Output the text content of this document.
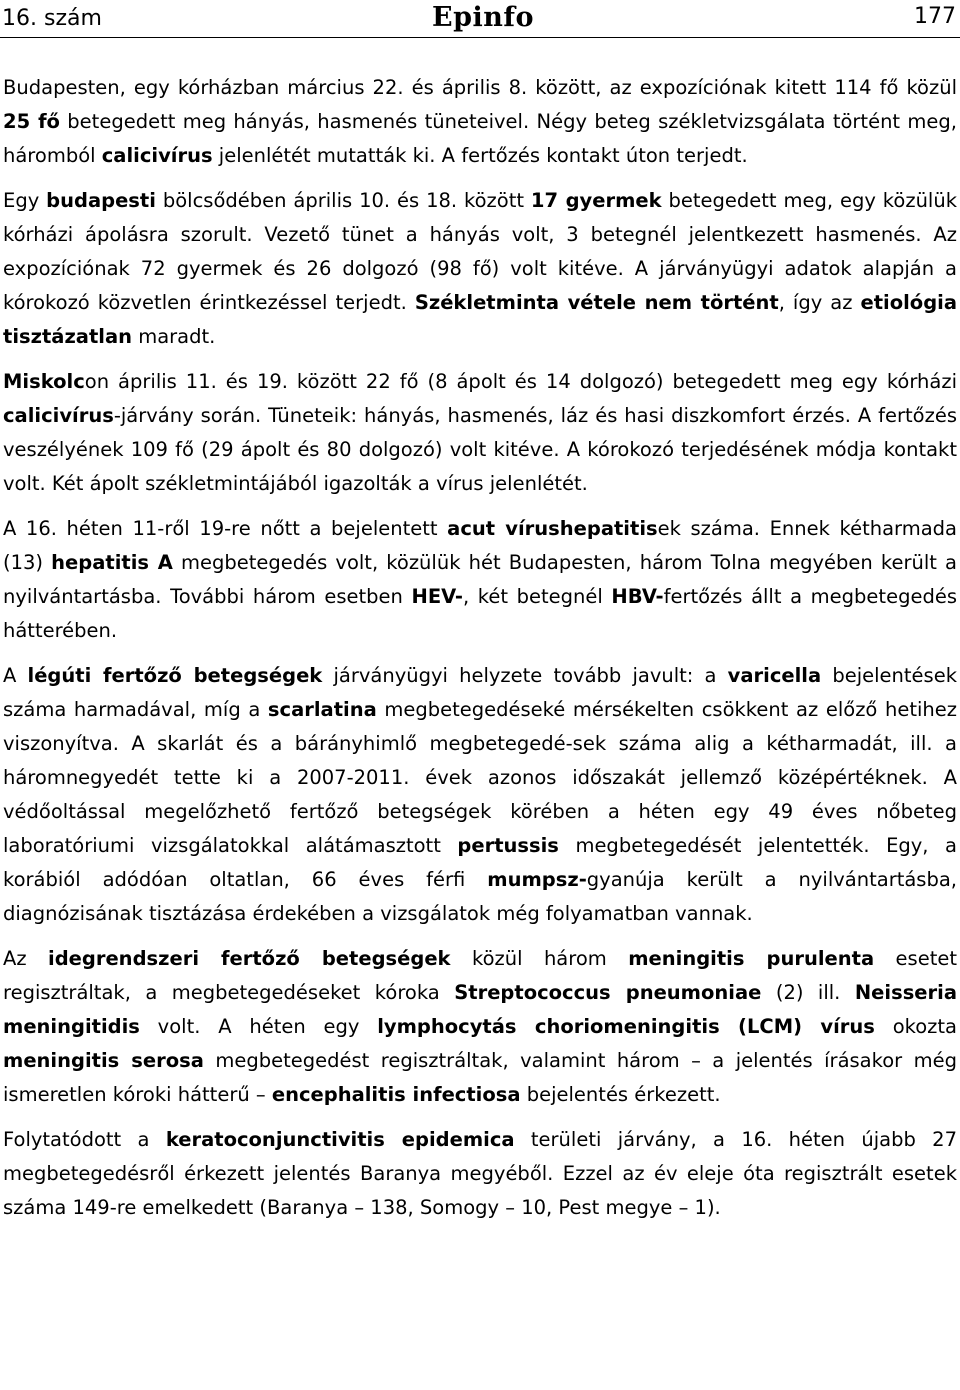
16. szám	Epinfo	177

Budapesten, egy kórházban március 22. és április 8. között, az expozíciónak kitett 114 fő közül 25 fő betegedett meg hányás, hasmenés tüneteivel. Négy beteg székletvizsgálata történt meg, háromból calicivírus jelenlétét mutatták ki. A fertőzés kontakt úton terjedt.

Egy budapesti bölcsődében április 10. és 18. között 17 gyermek betegedett meg, egy közülük kórházi ápolásra szorult. Vezető tünet a hányás volt, 3 betegnél jelentkezett hasmenés. Az expozíciónak 72 gyermek és 26 dolgozó (98 fő) volt kitéve. A járványügyi adatok alapján a kórokozó közvetlen érintkezéssel terjedt. Székletminta vétele nem történt, így az etiológia tisztázatlan maradt.

Miskolcon április 11. és 19. között 22 fő (8 ápolt és 14 dolgozó) betegedett meg egy kórházi calicivírus-járvány során. Tüneteik: hányás, hasmenés, láz és hasi diszkomfort érzés. A fertőzés veszélyének 109 fő (29 ápolt és 80 dolgozó) volt kitéve. A kórokozó terjedésének módja kontakt volt. Két ápolt székletmintájából igazolták a vírus jelenlétét.

A 16. héten 11-ről 19-re nőtt a bejelentett acut vírushepatitisek száma. Ennek kétharmada (13) hepatitis A megbetegedés volt, közülük hét Budapesten, három Tolna megyében került a nyilvántartásba. További három esetben HEV-, két betegnél HBV-fertőzés állt a megbetegedés hátterében.

A légúti fertőző betegségek járványügyi helyzete tovább javult: a varicella bejelentések száma harmadával, míg a scarlatina megbetegedéseké mérsékelten csökkent az előző hetihez viszonyítva. A skarlát és a bárányhimlő megbetegedé-sek száma alig a kétharmadát, ill. a háromnegyedét tette ki a 2007-2011. évek azonos időszakát jellemző középértéknek. A védőoltással megelőzhető fertőző betegségek körében a héten egy 49 éves nőbeteg laboratóriumi vizsgálatokkal alátámasztott pertussis megbetegedését jelentették. Egy, a korábiól adódóan oltatlan, 66 éves férfi mumpsz-gyanúja került a nyilvántartásba, diagnózisának tisztázása érdekében a vizsgálatok még folyamatban vannak.

Az idegrendszeri fertőző betegségek közül három meningitis purulenta esetet regisztráltak, a megbetegedéseket kóroka Streptococcus pneumoniae (2) ill. Neisseria meningitidis volt. A héten egy lymphocytás choriomeningitis (LCM) vírus okozta meningitis serosa megbetegedést regisztráltak, valamint három – a jelentés írásakor még ismeretlen kóroki hátterű – encephalitis infectiosa bejelentés érkezett.

Folytatódott a keratoconjunctivitis epidemica területi járvány, a 16. héten újabb 27 megbetegedésről érkezett jelentés Baranya megyéből. Ezzel az év eleje óta regisztrált esetek száma 149-re emelkedett (Baranya – 138, Somogy – 10, Pest megye – 1).
